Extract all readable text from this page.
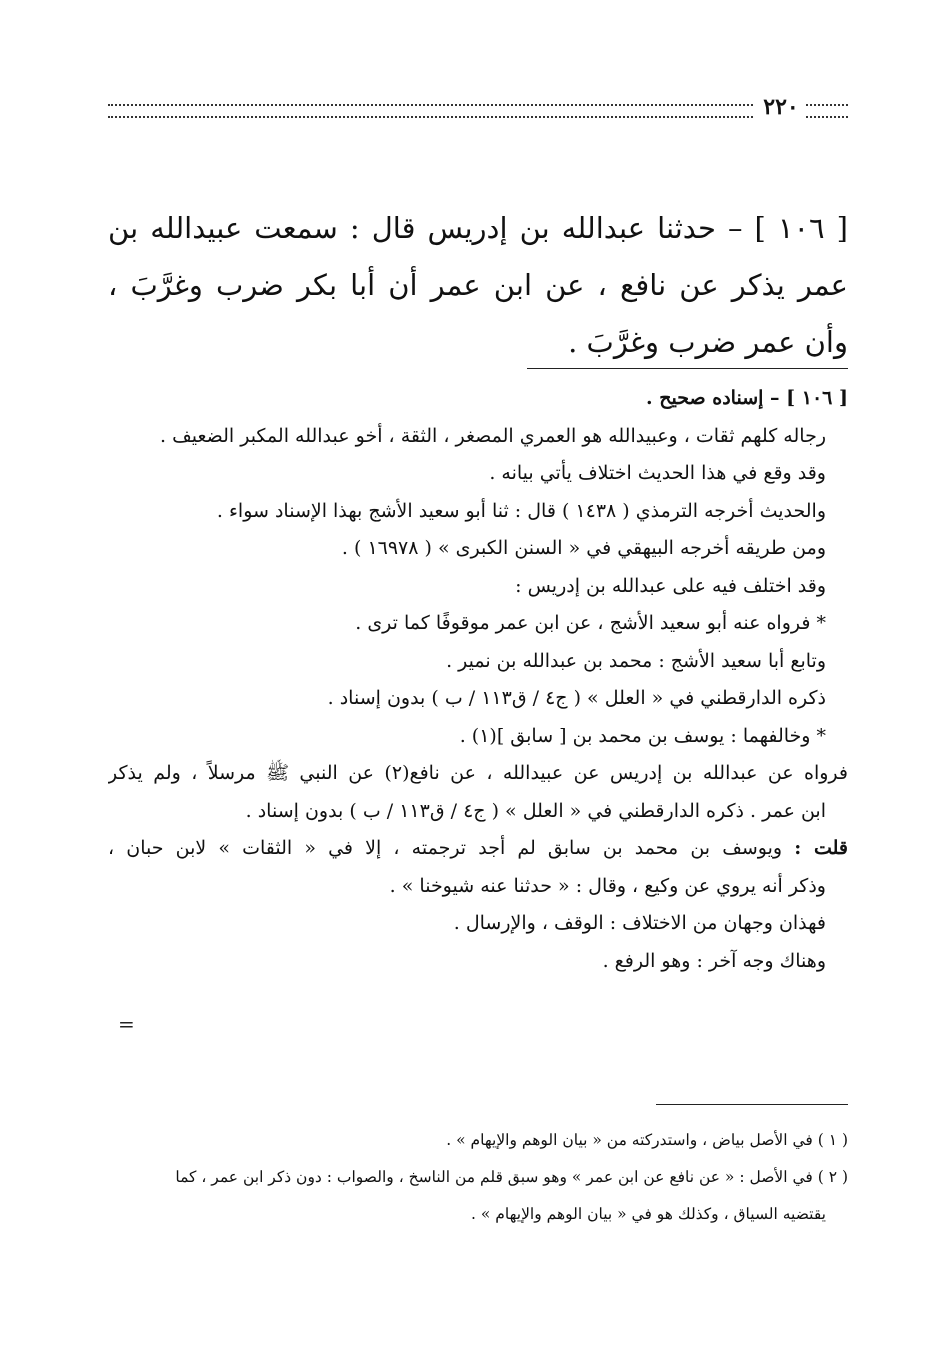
٢٢٠
[ ١٠٦ ] – حدثنا عبدالله بن إدريس قال : سمعت عبيدالله بن عمر يذكر عن نافع ، عن ابن عمر أن أبا بكر ضرب وغرَّبَ ، وأن عمر ضرب وغرَّبَ .
[ ١٠٦ ] – إسناده صحيح .
رجاله كلهم ثقات ، وعبيدالله هو العمري المصغر ، الثقة ، أخو عبدالله المكبر الضعيف .
وقد وقع في هذا الحديث اختلاف يأتي بيانه .
والحديث أخرجه الترمذي ( ١٤٣٨ ) قال : ثنا أبو سعيد الأشج بهذا الإسناد سواء .
ومن طريقه أخرجه البيهقي في « السنن الكبرى » ( ١٦٩٧٨ ) .
وقد اختلف فيه على عبدالله بن إدريس :
* فرواه عنه أبو سعيد الأشج ، عن ابن عمر موقوفًا كما ترى .
وتابع أبا سعيد الأشج : محمد بن عبدالله بن نمير .
ذكره الدارقطني في « العلل » ( ج٤ / ق١١٣ / ب ) بدون إسناد .
* وخالفهما : يوسف بن محمد بن [ سابق ](١) .
فرواه عن عبدالله بن إدريس عن عبيدالله ، عن نافع(٢) عن النبي ﷺ مرسلاً ، ولم يذكر
ابن عمر . ذكره الدارقطني في « العلل » ( ج٤ / ق١١٣ / ب ) بدون إسناد .
قلت : ويوسف بن محمد بن سابق لم أجد ترجمته ، إلا في « الثقات » لابن حبان ،
وذكر أنه يروي عن وكيع ، وقال : « حدثنا عنه شيوخنا » .
فهذان وجهان من الاختلاف : الوقف ، والإرسال .
وهناك وجه آخر : وهو الرفع .
=
( ١ ) في الأصل بياض ، واستدركته من « بيان الوهم والإيهام » .
( ٢ ) في الأصل : « عن نافع عن ابن عمر » وهو سبق قلم من الناسخ ، والصواب : دون ذكر ابن عمر ، كما
يقتضيه السياق ، وكذلك هو في « بيان الوهم والإيهام » .
